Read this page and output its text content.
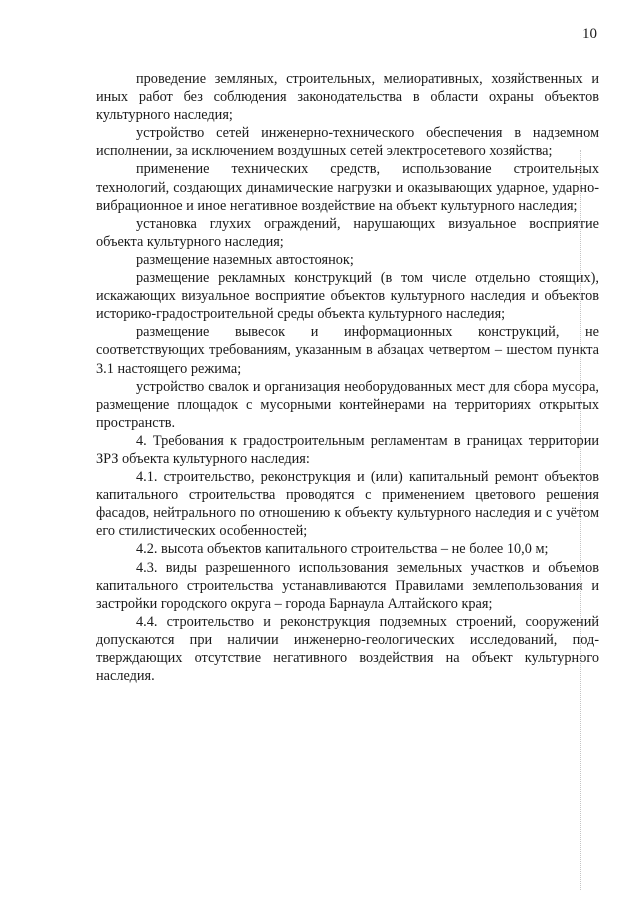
10

проведение земляных, строительных, мелиоративных, хозяйственных и иных работ без соблюдения законодательства в области охраны объектов культурного наследия;

устройство сетей инженерно-технического обеспечения в надземном исполнении, за исключением воздушных сетей электросетевого хозяйства;

применение технических средств, использование строительных технологий, создающих динамические нагрузки и оказывающих ударное, ударно-вибрационное и иное негативное воздействие на объект культурного наследия;

установка глухих ограждений, нарушающих визуальное восприятие объекта культурного наследия;

размещение наземных автостоянок;

размещение рекламных конструкций (в том числе отдельно стоящих), искажающих визуальное восприятие объектов культурного наследия и объектов историко-градостроительной среды объекта культурного наследия;

размещение вывесок и информационных конструкций, не соответствующих требованиям, указанным в абзацах четвертом – шестом пункта 3.1 настоящего режима;

устройство свалок и организация необорудованных мест для сбора мусора, размещение площадок с мусорными контейнерами на территориях открытых пространств.

4. Требования к градостроительным регламентам в границах территории ЗРЗ объекта культурного наследия:

4.1. строительство, реконструкция и (или) капитальный ремонт объектов капитального строительства проводятся с применением цветового решения фасадов, нейтрального по отношению к объекту культурного наследия и с учётом его стилистических особенностей;

4.2. высота объектов капитального строительства – не более 10,0 м;

4.3. виды разрешенного использования земельных участков и объемов капитального строительства устанавливаются Правилами землепользования и застройки городского округа – города Барнаула Алтайского края;

4.4. строительство и реконструкция подземных строений, сооружений допускаются при наличии инженерно-геологических исследований, под-тверждающих отсутствие негативного воздействия на объект культурного наследия.
